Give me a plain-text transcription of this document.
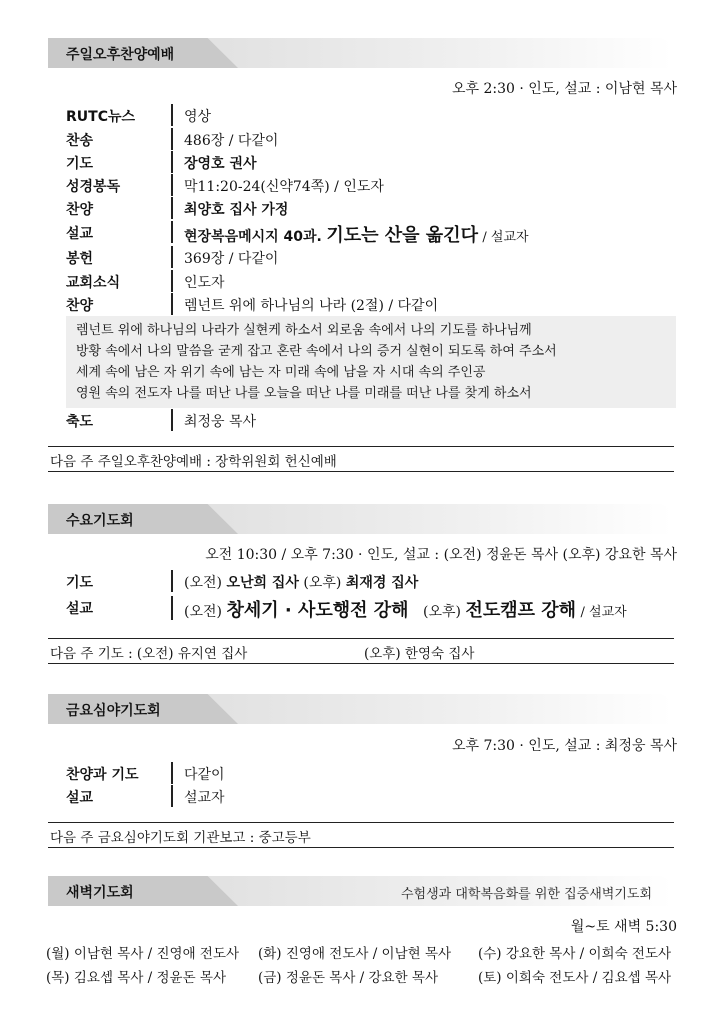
주일오후찬양예배
오후 2:30 · 인도, 설교 : 이남현 목사
RUTC뉴스	영상
찬송	486장 / 다같이
기도	장영호 권사
성경봉독	막11:20-24(신약74쪽) / 인도자
찬양	최양호 집사 가정
설교	현장복음메시지 40과. 기도는 산을 옮긴다 / 설교자
봉헌	369장 / 다같이
교회소식	인도자
찬양	렘넌트 위에 하나님의 나라 (2절) / 다같이
렘넌트 위에 하나님의 나라가 실현케 하소서 외로움 속에서 나의 기도를 하나님께
방황 속에서 나의 말씀을 굳게 잡고 혼란 속에서 나의 증거 실현이 되도록 하여 주소서
세계 속에 남은 자 위기 속에 남는 자 미래 속에 남을 자 시대 속의 주인공
영원 속의 전도자 나를 떠난 나를 오늘을 떠난 나를 미래를 떠난 나를 찾게 하소서
축도	최정웅 목사
다음 주 주일오후찬양예배 : 장학위원회 헌신예배
수요기도회
오전 10:30 / 오후 7:30 · 인도, 설교 : (오전) 정윤돈 목사 (오후) 강요한 목사
기도	(오전) 오난희 집사 (오후) 최재경 집사
설교	(오전) 창세기 · 사도행전 강해 (오후) 전도캠프 강해 / 설교자
다음 주 기도 : (오전) 유지연 집사	(오후) 한영숙 집사
금요심야기도회
오후 7:30 · 인도, 설교 : 최정웅 목사
찬양과 기도	다같이
설교	설교자
다음 주 금요심야기도회 기관보고 : 중고등부
새벽기도회	수험생과 대학복음화를 위한 집중새벽기도회
월~토 새벽 5:30
(월) 이남현 목사 / 진영애 전도사 (화) 진영애 전도사 / 이남현 목사 (수) 강요한 목사 / 이희숙 전도사
(목) 김요셉 목사 / 정윤돈 목사 (금) 정윤돈 목사 / 강요한 목사	(토) 이희숙 전도사 / 김요셉 목사
